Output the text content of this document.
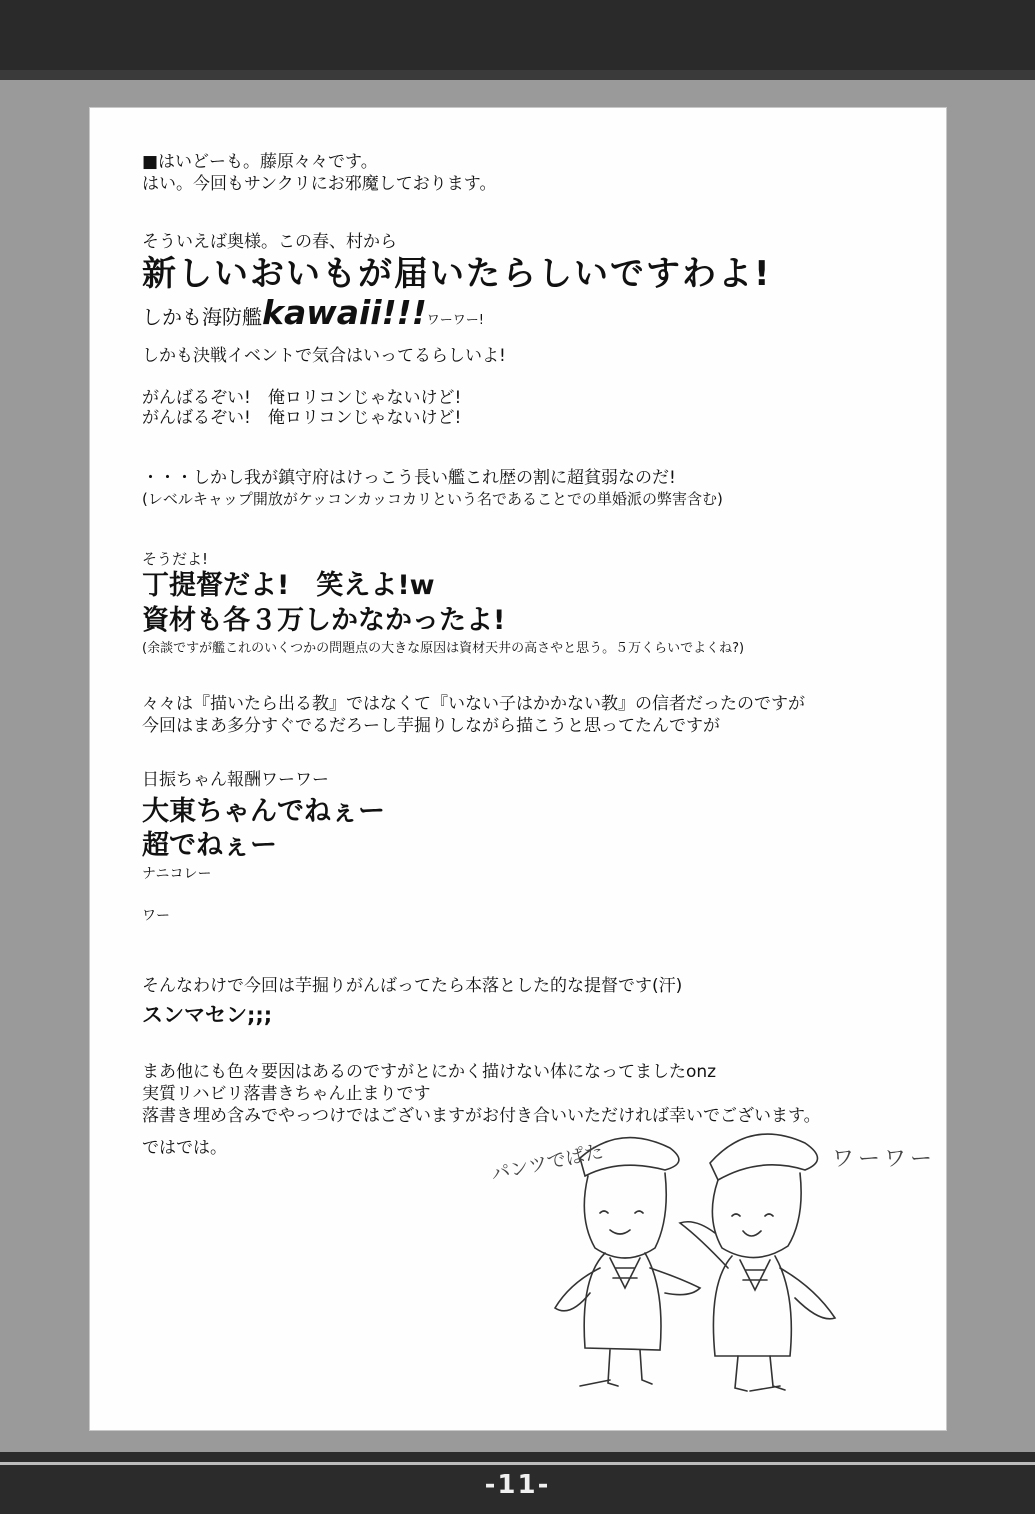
-11-
■はいどーも。藤原々々です。
はい。今回もサンクリにお邪魔しております。
そういえば奥様。この春、村から
新しいおいもが届いたらしいですわよ!
しかも海防艦kawaii!!!ワーワー!
しかも決戦イベントで気合はいってるらしいよ!
がんばるぞい!　俺ロリコンじゃないけど!
がんばるぞい!　俺ロリコンじゃないけど!
・・・しかし我が鎮守府はけっこう長い艦これ歴の割に超貧弱なのだ!
(レベルキャップ開放がケッコンカッコカリという名であることでの単婚派の弊害含む)
そうだよ!
丁提督だよ!　笑えよ!w
資材も各３万しかなかったよ!
(余談ですが艦これのいくつかの問題点の大きな原因は資材天井の高さやと思う。５万くらいでよくね?)
々々は『描いたら出る教』ではなくて『いない子はかかない教』の信者だったのですが
今回はまあ多分すぐでるだろーし芋掘りしながら描こうと思ってたんですが
日振ちゃん報酬ワーワー
大東ちゃんでねぇー
超でねぇー
ナニコレー
ワー
そんなわけで今回は芋掘りがんばってたら本落とした的な提督です(汗)
スンマセン;;;
まあ他にも色々要因はあるのですがとにかく描けない体になってましたonz
実質リハビリ落書きちゃん止まりです
落書き埋め含みでやっつけではございますがお付き合いいただければ幸いでございます。
ではでは。	パンツでぱた	ワーワー
